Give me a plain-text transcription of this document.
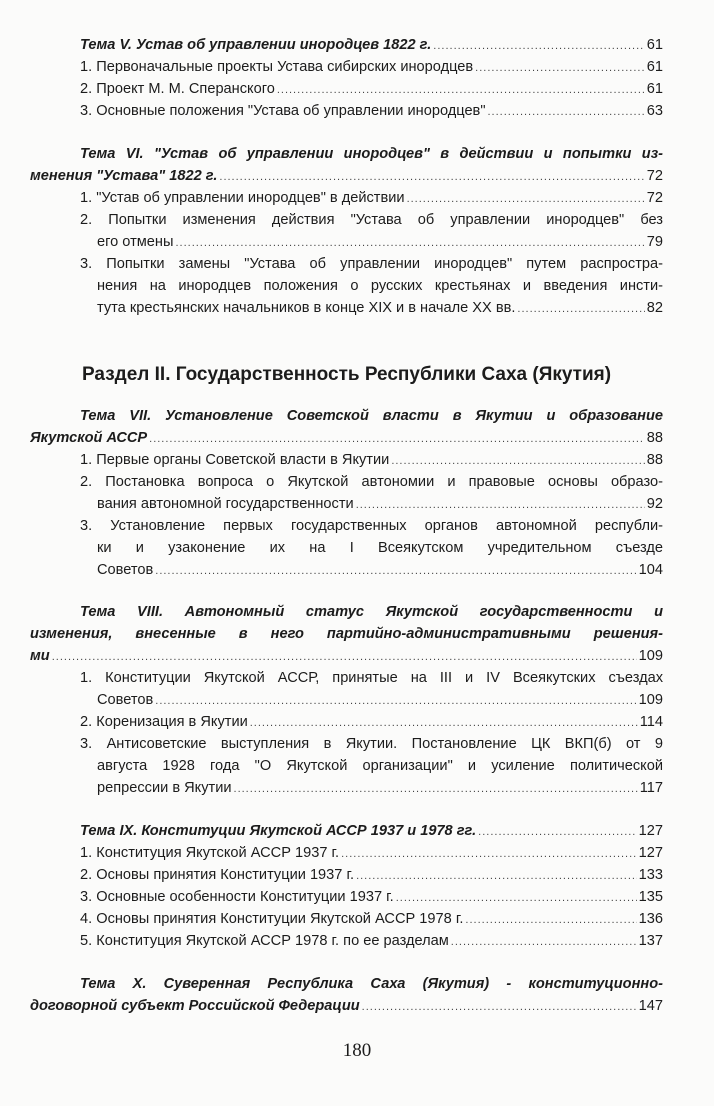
Тема V. Устав об управлении инородцев 1822 г. .....	61
1. Первоначальные проекты Устава сибирских инородцев .....	61
2. Проект М. М. Сперанского .....	61
3. Основные положения "Устава об управлении инородцев" .....	63
Тема VI. "Устав об управлении инородцев" в действии и попытки из-
менения "Устава" 1822 г. .....	72
1. "Устав об управлении инородцев" в действии .....	72
2. Попытки изменения действия "Устава об управлении инородцев" без
его отмены .....	79
3. Попытки замены "Устава об управлении инородцев" путем распростра-
нения на инородцев положения о русских крестьянах и введения инсти-
тута крестьянских начальников в конце XIX и в начале XX вв. .....	82
Раздел II. Государственность Республики Саха (Якутия)
Тема VII. Установление Советской власти в Якутии и образование
Якутской АССР .....	88
1. Первые органы Советской власти в Якутии .....	88
2. Постановка вопроса о Якутской автономии и правовые основы образо-
вания автономной государственности .....	92
3. Установление первых государственных органов автономной республи-
ки и узаконение их на I Всеякутском учредительном съезде
Советов .....	104
Тема VIII. Автономный статус Якутской государственности и
изменения, внесенные в него партийно-административными решения-
ми .....	109
1. Конституции Якутской АССР, принятые на III и IV Всеякутских съездах
Советов .....	109
2. Коренизация в Якутии .....	114
3. Антисоветские выступления в Якутии. Постановление ЦК ВКП(б) от 9
августа 1928 года "О Якутской организации" и усиление политической
репрессии в Якутии .....	117
Тема IX. Конституции Якутской АССР 1937 и 1978 гг. .....	127
1. Конституция Якутской АССР 1937 г. .....	127
2. Основы принятия Конституции 1937 г. .....	133
3. Основные особенности Конституции 1937 г. .....	135
4. Основы принятия Конституции Якутской АССР 1978 г. .....	136
5. Конституция Якутской АССР 1978 г. по ее разделам .....	137
Тема X. Суверенная Республика Саха (Якутия) - конституционно-
договорной субъект Российской Федерации .....	147
180
